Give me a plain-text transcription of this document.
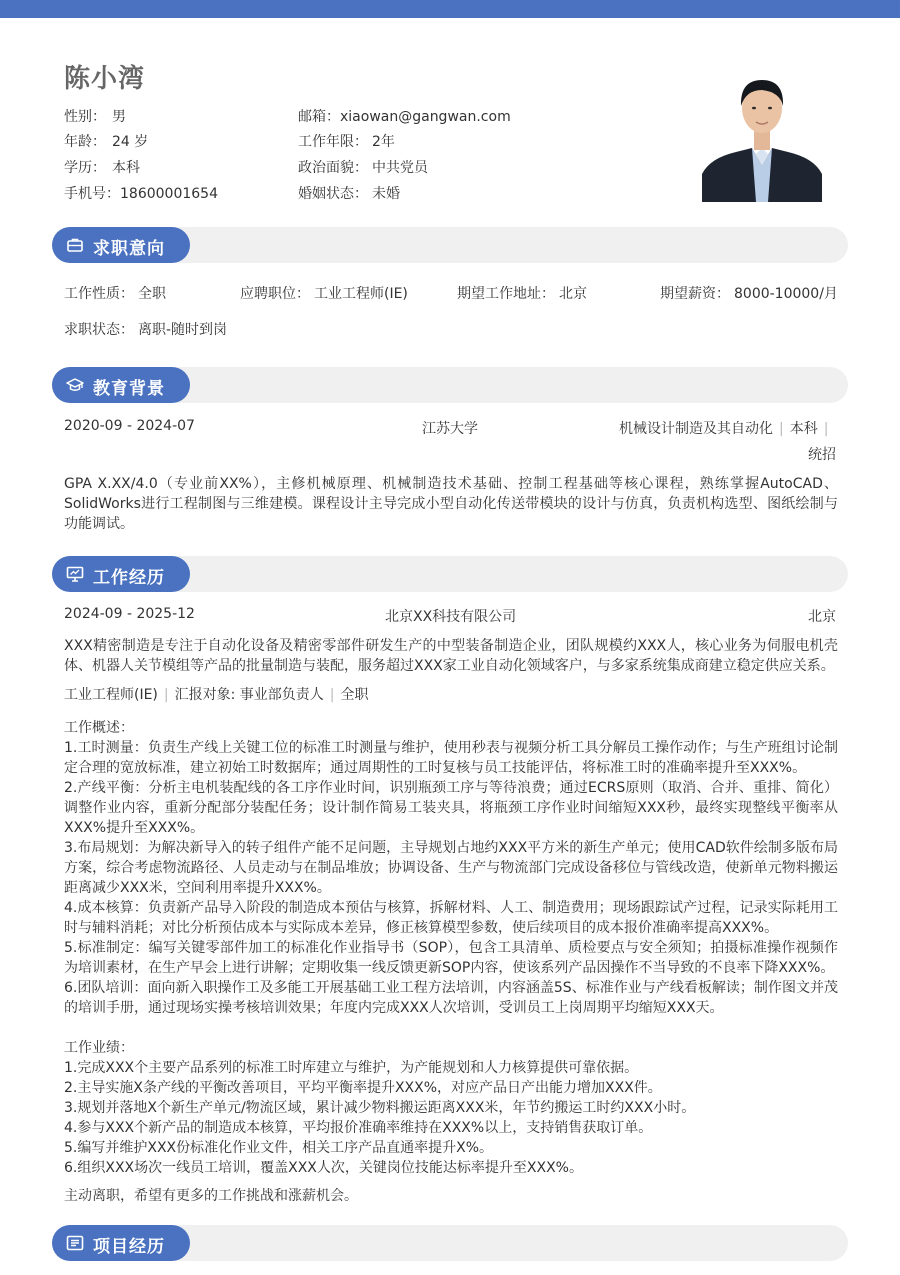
陈小湾
性别： 男
年龄： 24 岁
学历： 本科
手机号：18600001654
邮箱：xiaowan@gangwan.com
工作年限： 2年
政治面貌： 中共党员
婚姻状态： 未婚
求职意向
工作性质： 全职	应聘职位： 工业工程师(IE)	期望工作地址： 北京	期望薪资： 8000-10000/月
求职状态： 离职-随时到岗
教育背景
2020-09 - 2024-07	江苏大学	机械设计制造及其自动化 | 本科 |
统招
GPA X.XX/4.0（专业前XX%），主修机械原理、机械制造技术基础、控制工程基础等核心课程，熟练掌握AutoCAD、SolidWorks进行工程制图与三维建模。课程设计主导完成小型自动化传送带模块的设计与仿真，负责机构选型、图纸绘制与功能调试。
工作经历
2024-09 - 2025-12	北京XX科技有限公司	北京
XXX精密制造是专注于自动化设备及精密零部件研发生产的中型装备制造企业，团队规模约XXX人，核心业务为伺服电机壳体、机器人关节模组等产品的批量制造与装配，服务超过XXX家工业自动化领域客户，与多家系统集成商建立稳定供应关系。
工业工程师(IE) | 汇报对象: 事业部负责人 | 全职
工作概述：
1.工时测量：负责生产线上关键工位的标准工时测量与维护，使用秒表与视频分析工具分解员工操作动作；与生产班组讨论制定合理的宽放标准，建立初始工时数据库；通过周期性的工时复核与员工技能评估，将标准工时的准确率提升至XXX%。
2.产线平衡：分析主电机装配线的各工序作业时间，识别瓶颈工序与等待浪费；通过ECRS原则（取消、合并、重排、简化）调整作业内容，重新分配部分装配任务；设计制作简易工装夹具，将瓶颈工序作业时间缩短XXX秒，最终实现整线平衡率从XXX%提升至XXX%。
3.布局规划：为解决新导入的转子组件产能不足问题，主导规划占地约XXX平方米的新生产单元；使用CAD软件绘制多版布局方案，综合考虑物流路径、人员走动与在制品堆放；协调设备、生产与物流部门完成设备移位与管线改造，使新单元物料搬运距离减少XXX米，空间利用率提升XXX%。
4.成本核算：负责新产品导入阶段的制造成本预估与核算，拆解材料、人工、制造费用；现场跟踪试产过程，记录实际耗用工时与辅料消耗；对比分析预估成本与实际成本差异，修正核算模型参数，使后续项目的成本报价准确率提高XXX%。
5.标准制定：编写关键零部件加工的标准化作业指导书（SOP），包含工具清单、质检要点与安全须知；拍摄标准操作视频作为培训素材，在生产早会上进行讲解；定期收集一线反馈更新SOP内容，使该系列产品因操作不当导致的不良率下降XXX%。
6.团队培训：面向新入职操作工及多能工开展基础工业工程方法培训，内容涵盖5S、标准作业与产线看板解读；制作图文并茂的培训手册，通过现场实操考核培训效果；年度内完成XXX人次培训，受训员工上岗周期平均缩短XXX天。
工作业绩：
1.完成XXX个主要产品系列的标准工时库建立与维护，为产能规划和人力核算提供可靠依据。
2.主导实施X条产线的平衡改善项目，平均平衡率提升XXX%，对应产品日产出能力增加XXX件。
3.规划并落地X个新生产单元/物流区域，累计减少物料搬运距离XXX米，年节约搬运工时约XXX小时。
4.参与XXX个新产品的制造成本核算，平均报价准确率维持在XXX%以上，支持销售获取订单。
5.编写并维护XXX份标准化作业文件，相关工序产品直通率提升X%。
6.组织XXX场次一线员工培训，覆盖XXX人次，关键岗位技能达标率提升至XXX%。
主动离职，希望有更多的工作挑战和涨薪机会。
项目经历
